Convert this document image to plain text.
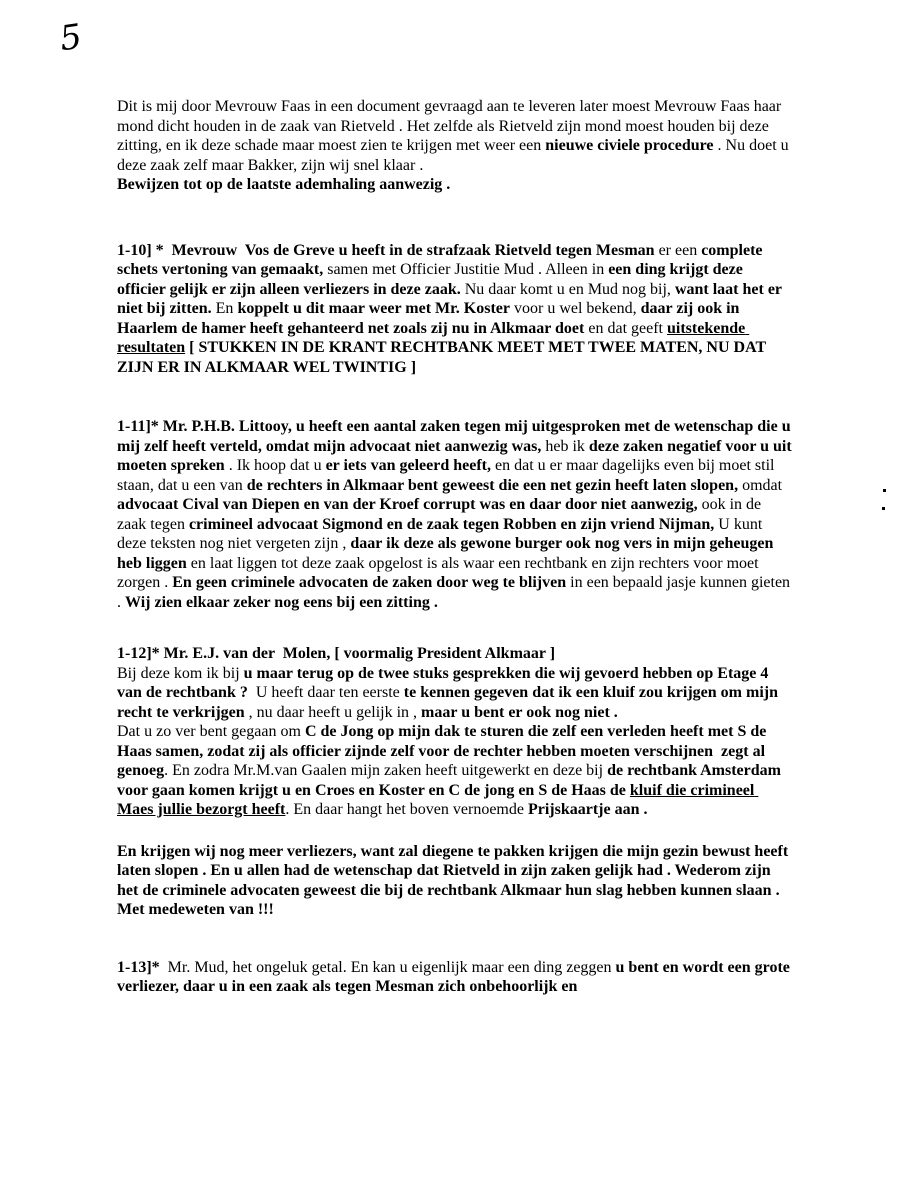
5

Dit is mij door Mevrouw Faas in een document gevraagd aan te leveren later moest Mevrouw Faas haar mond dicht houden in de zaak van Rietveld . Het zelfde als Rietveld zijn mond moest houden bij deze zitting, en ik deze schade maar moest zien te krijgen met weer een nieuwe civiele procedure . Nu doet u deze zaak zelf maar Bakker, zijn wij snel klaar .
Bewijzen tot op de laatste ademhaling aanwezig .

1-10] *  Mevrouw  Vos de Greve u heeft in de strafzaak Rietveld tegen Mesman er een complete schets vertoning van gemaakt, samen met Officier Justitie Mud . Alleen in een ding krijgt deze officier gelijk er zijn alleen verliezers in deze zaak. Nu daar komt u en Mud nog bij, want laat het er niet bij zitten. En koppelt u dit maar weer met Mr. Koster voor u wel bekend, daar zij ook in Haarlem de hamer heeft gehanteerd net zoals zij nu in Alkmaar doet en dat geeft uitstekende resultaten [ STUKKEN IN DE KRANT RECHTBANK MEET MET TWEE MATEN, NU DAT ZIJN ER IN ALKMAAR WEL TWINTIG ]

1-11]* Mr. P.H.B. Littooy, u heeft een aantal zaken tegen mij uitgesproken met de wetenschap die u mij zelf heeft verteld, omdat mijn advocaat niet aanwezig was, heb ik deze zaken negatief voor u uit moeten spreken . Ik hoop dat u er iets van geleerd heeft, en dat u er maar dagelijks even bij moet stil staan, dat u een van de rechters in Alkmaar bent geweest die een net gezin heeft laten slopen, omdat advocaat Cival van Diepen en van der Kroef corrupt was en daar door niet aanwezig, ook in de zaak tegen crimineel advocaat Sigmond en de zaak tegen Robben en zijn vriend Nijman, U kunt deze teksten nog niet vergeten zijn , daar ik deze als gewone burger ook nog vers in mijn geheugen heb liggen en laat liggen tot deze zaak opgelost is als waar een rechtbank en zijn rechters voor moet zorgen . En geen criminele advocaten de zaken door weg te blijven in een bepaald jasje kunnen gieten . Wij zien elkaar zeker nog eens bij een zitting .

1-12]* Mr. E.J. van der  Molen, [ voormalig President Alkmaar ]

Bij deze kom ik bij u maar terug op de twee stuks gesprekken die wij gevoerd hebben op Etage 4 van de rechtbank ?  U heeft daar ten eerste te kennen gegeven dat ik een kluif zou krijgen om mijn recht te verkrijgen , nu daar heeft u gelijk in , maar u bent er ook nog niet .

Dat u zo ver bent gegaan om C de Jong op mijn dak te sturen die zelf een verleden heeft met S de Haas samen, zodat zij als officier zijnde zelf voor de rechter hebben moeten verschijnen  zegt al genoeg. En zodra Mr.M.van Gaalen mijn zaken heeft uitgewerkt en deze bij de rechtbank Amsterdam voor gaan komen krijgt u en Croes en Koster en C de jong en S de Haas de kluif die crimineel Maes jullie bezorgt heeft. En daar hangt het boven vernoemde Prijskaartje aan .

En krijgen wij nog meer verliezers, want zal diegene te pakken krijgen die mijn gezin bewust heeft laten slopen . En u allen had de wetenschap dat Rietveld in zijn zaken gelijk had . Wederom zijn het de criminele advocaten geweest die bij de rechtbank Alkmaar hun slag hebben kunnen slaan . Met medeweten van !!!

1-13]*  Mr. Mud, het ongeluk getal. En kan u eigenlijk maar een ding zeggen u bent en wordt een grote verliezer, daar u in een zaak als tegen Mesman zich onbehoorlijk en
